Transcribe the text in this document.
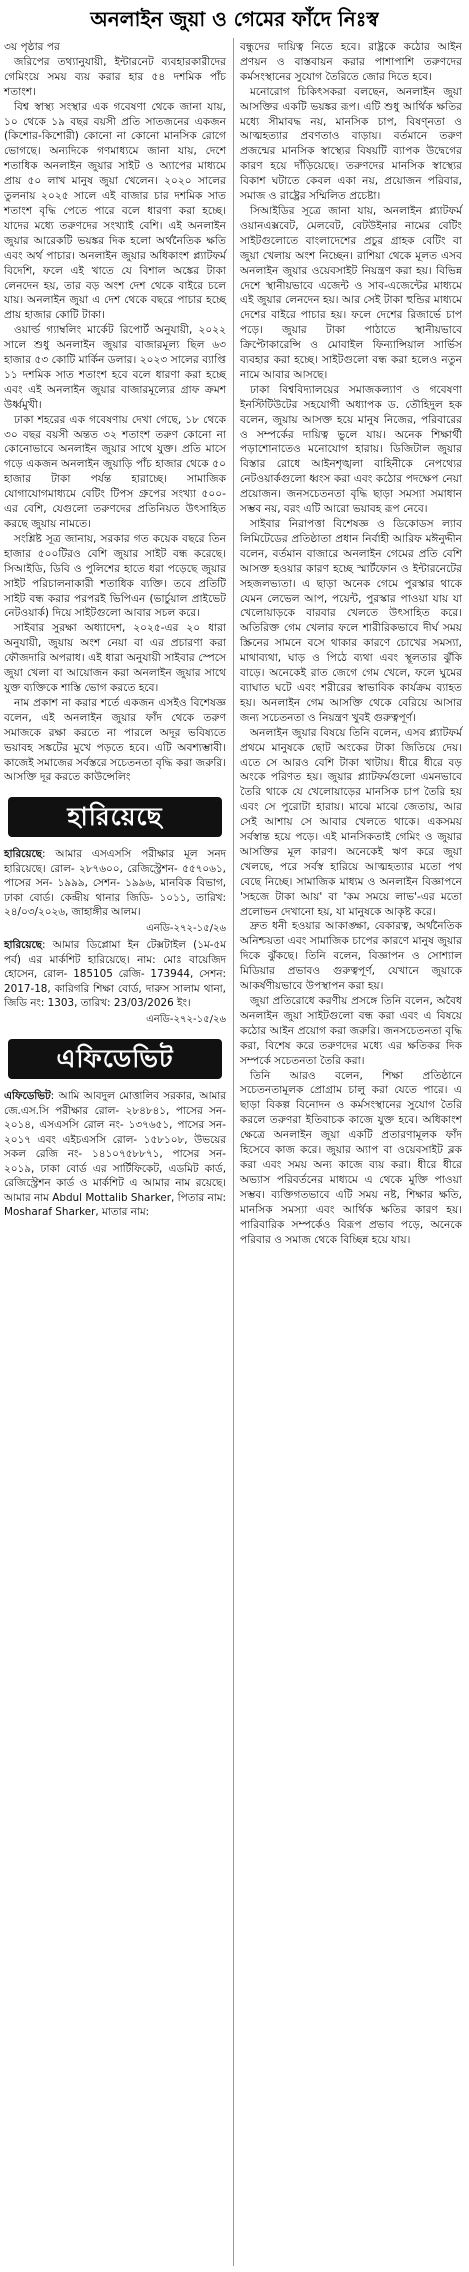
অনলাইন জুয়া ও গেমের ফাঁদে নিঃস্ব

৩য় পৃষ্ঠার পর

জরিপের তথ্যানুযায়ী, ইন্টারনেট ব্যবহারকারীদের গেমিংয়ে সময় ব্যয় করার হার ৫৪ দশমিক পাঁচ শতাংশ।

বিশ্ব স্বাস্থ্য সংস্থার এক গবেষণা থেকে জানা যায়, ১০ থেকে ১৯ বছর বয়সী প্রতি সাতজনের একজন (কিশোর-কিশোরী) কোনো না কোনো মানসিক রোগে ভোগছে। অন্যদিকে গণমাধ্যমে জানা যায়, দেশে শতাধিক অনলাইন জুয়ার সাইট ও অ্যাপের মাধ্যমে প্রায় ৫০ লাখ মানুষ জুয়া খেলেন। ২০২০ সালের তুলনায় ২০২৫ সালে এই বাজার চার দশমিক সাত শতাংশ বৃদ্ধি পেতে পারে বলে ধারণা করা হচ্ছে। যাদের মধ্যে তরুণদের সংখ্যাই বেশি। এই অনলাইন জুয়ার আরেকটি ভয়ঙ্কর দিক হলো অর্থনৈতিক ক্ষতি এবং অর্থ পাচার। অনলাইন জুয়ার অধিকাংশ প্ল্যাটফর্ম বিদেশি, ফলে এই খাতে যে বিশাল অঙ্কের টাকা লেনদেন হয়, তার বড় অংশ দেশ থেকে বাইরে চলে যায়। অনলাইন জুয়া এ দেশ থেকে বছরে পাচার হচ্ছে প্রায় হাজার কোটি টাকা।

ওয়ার্ল্ড গ্যাম্বলিং মার্কেট রিপোর্ট অনুযায়ী, ২০২২ সালে শুধু অনলাইন জুয়ার বাজারমূল্য ছিল ৬৩ হাজার ৫৩ কোটি মার্কিন ডলার। ২০২৩ সালের ব্যাপ্তি ১১ দশমিক সাত শতাংশ হবে বলে ধারণা করা হচ্ছে এবং এই অনলাইন জুয়ার বাজারমূল্যের গ্রাফ ক্রমশ উর্ধ্বমুখী।

ঢাকা শহরের এক গবেষণায় দেখা গেছে, ১৮ থেকে ৩০ বছর বয়সী অন্তত ৩২ শতাংশ তরুণ কোনো না কোনোভাবে অনলাইন জুয়ার সাথে যুক্ত। প্রতি মাসে গড়ে একজন অনলাইন জুয়াড়ি পাঁচ হাজার থেকে ৫০ হাজার টাকা পর্যন্ত হারাচ্ছে। সামাজিক যোগাযোগমাধ্যমে বেটিং টিপস গ্রুপের সংখ্যা ৫০০-এর বেশি, যেগুলো তরুণদের প্রতিনিয়ত উৎসাহিত করছে জুয়ায় নামতে।

সংশ্লিষ্ট সূত্র জানায়, সরকার গত কয়েক বছরে তিন হাজার ৫০০টিরও বেশি জুয়ার সাইট বন্ধ করেছে। সিআইডি, ডিবি ও পুলিশের হাতে ধরা পড়েছে জুয়ার সাইট পরিচালনাকারী শতাধিক ব্যক্তি। তবে প্রতিটি সাইট বন্ধ করার পরপরই ভিপিএন (ভার্চুয়াল প্রাইভেট নেটওয়ার্ক) দিয়ে সাইটগুলো আবার সচল করে।

সাইবার সুরক্ষা অধ্যাদেশ, ২০২৫-এর ২০ ধারা অনুযায়ী, জুয়ায় অংশ নেয়া বা এর প্রচারণা করা ফৌজদারি অপরাধ। এই ধারা অনুযায়ী সাইবার স্পেসে জুয়া খেলা বা আয়োজন করা অনলাইন জুয়ার সাথে যুক্ত ব্যক্তিকে শাস্তি ভোগ করতে হবে।

নাম প্রকাশ না করার শর্তে একজন এসইও বিশেষজ্ঞ বলেন, এই অনলাইন জুয়ার ফাঁদ থেকে তরুণ সমাজকে রক্ষা করতে না পারলে অদূর ভবিষ্যতে ভয়াবহ সঙ্কটের মুখে পড়তে হবে। এটি অবশ্যম্ভাবী। কাজেই সমাজের সর্বস্তরে সচেতনতা বৃদ্ধি করা জরুরি। আসক্তি দূর করতে কাউন্সেলিং

হারিয়েছে
হারিয়েছে: আমার এসএসসি পরীক্ষার মূল সনদ হারিয়েছে। রোল- ২৮৭৬০০, রেজিস্ট্রেশন- ৫৫৭০৬১, পাসের সন- ১৯৯৯, সেশন- ১৯৯৬, মানবিক বিভাগ, ঢাকা বোর্ড। কেন্দ্রীয় থানার জিডি- ১০১১, তারিখ: ২৪/০৩/২০২৬, জাহাঙ্গীর আলম।
এনডি-২৭২-১৫/২৬
হারিয়েছে: আমার ডিপ্লোমা ইন টেক্সটাইল (১ম-৫ম পর্ব) এর মার্কশিট হারিয়েছে। নাম: মোঃ বায়েজিদ হোসেন, রোল- 185105 রেজি- 173944, সেশন: 2017-18, কারিগরি শিক্ষা বোর্ড, দারুস সালাম থানা, জিডি নং: 1303, তারিখ: 23/03/2026 ইং।
এনডি-২৭২-১৫/২৬
এফিডেভিট
এফিডেভিট: আমি আবদুল মোত্তালিব সরকার, আমার জে.এস.সি পরীক্ষার রোল- ২৮৪৮৪১, পাসের সন- ২০১৪, এসএসসি রোল নং- ১৩৭৬৫১, পাসের সন- ২০১৭ এবং এইচএসসি রোল- ১৫৮১০৮, উভয়ের সকল রেজি নং- ১৪১০৭৫৮৮৭১, পাসের সন- ২০১৯, ঢাকা বোর্ড এর সার্টিফিকেট, এডমিট কার্ড, রেজিস্ট্রেশন কার্ড ও মার্কশিট এ আমার নাম রয়েছে। আমার নাম Abdul Mottalib Sharker, পিতার নাম: Mosharaf Sharker, মাতার নাম:

বন্ধুদের দায়িত্ব নিতে হবে। রাষ্ট্রকে কঠোর আইন প্রণয়ন ও বাস্তবায়ন করার পাশাপাশি তরুণদের কর্মসংস্থানের সুযোগ তৈরিতে জোর দিতে হবে।

মনোরোগ চিকিৎসকরা বলছেন, অনলাইন জুয়া আসক্তির একটি ভয়ঙ্কর রূপ। এটি শুধু আর্থিক ক্ষতির মধ্যে সীমাবদ্ধ নয়, মানসিক চাপ, বিষণ্নতা ও আত্মহত্যার প্রবণতাও বাড়ায়। বর্তমানে তরুণ প্রজন্মের মানসিক স্বাস্থ্যের বিষয়টি ব্যাপক উদ্বেগের কারণ হয়ে দাঁড়িয়েছে। তরুণদের মানসিক স্বাস্থ্যের বিকাশ ঘটাতে কেবল একা নয়, প্রয়োজন পরিবার, সমাজ ও রাষ্ট্রের সম্মিলিত প্রচেষ্টা।

সিআইডির সূত্রে জানা যায়, অনলাইন প্ল্যাটফর্ম ওয়ানএক্সবেট, মেলবেট, বেটউইনার নামের বেটিং সাইটগুলোতে বাংলাদেশের প্রচুর গ্রাহক বেটিং বা জুয়া খেলায় অংশ নিচ্ছেন। রাশিয়া থেকে মূলত এসব অনলাইন জুয়ার ওয়েবসাইট নিয়ন্ত্রণ করা হয়। বিভিন্ন দেশে স্থানীয়ভাবে এজেন্ট ও সাব-এজেন্টের মাধ্যমে এই জুয়ার লেনদেন হয়। আর সেই টাকা হুন্ডির মাধ্যমে দেশের বাইরে পাচার হয়। ফলে দেশের রিজার্ভে চাপ পড়ে। জুয়ার টাকা পাঠাতে স্থানীয়ভাবে ক্রিপ্টোকারেন্সি ও মোবাইল ফিন্যান্সিয়াল সার্ভিস ব্যবহার করা হচ্ছে। সাইটগুলো বন্ধ করা হলেও নতুন নামে আবার আসছে।

ঢাকা বিশ্ববিদ্যালয়ের সমাজকল্যাণ ও গবেষণা ইনস্টিটিউটের সহযোগী অধ্যাপক ড. তৌহিদুল হক বলেন, জুয়ায় আসক্ত হয়ে মানুষ নিজের, পরিবারের ও সম্পর্কের দায়িত্ব ভুলে যায়। অনেক শিক্ষার্থী পড়াশোনাতেও মনোযোগ হারায়। ডিজিটাল জুয়ার বিস্তার রোধে আইনশৃঙ্খলা বাহিনীকে নেপথ্যের নেটওয়ার্কগুলো ধ্বংস করা এবং কঠোর পদক্ষেপ নেয়া প্রয়োজন। জনসচেতনতা বৃদ্ধি ছাড়া সমস্যা সমাধান সম্ভব নয়, বরং এটি আরো ভয়াবহ রূপ নেবে।

সাইবার নিরাপত্তা বিশেষজ্ঞ ও ডিকোডস ল্যাব লিমিটেডের প্রতিষ্ঠাতা প্রধান নির্বাহী আরিফ মঈনুদ্দীন বলেন, বর্তমান বাজারে অনলাইন গেমের প্রতি বেশি আসক্ত হওয়ার কারণ হচ্ছে স্মার্টফোন ও ইন্টারনেটের সহজলভ্যতা। এ ছাড়া অনেক গেমে পুরস্কার থাকে যেমন লেভেল আপ, পয়েন্ট, পুরস্কার পাওয়া যায় যা খেলোয়াড়কে বারবার খেলতে উৎসাহিত করে। অতিরিক্ত গেম খেলার ফলে শারীরিকভাবে দীর্ঘ সময় স্ক্রিনের সামনে বসে থাকার কারণে চোখের সমস্যা, মাথাব্যথা, ঘাড় ও পিঠে ব্যথা এবং স্থূলতার ঝুঁকি বাড়ে। অনেকেই রাত জেগে গেম খেলে, ফলে ঘুমের ব্যাঘাত ঘটে এবং শরীরের স্বাভাবিক কার্যক্রম ব্যাহত হয়। অনলাইন গেম আসক্তি থেকে বেরিয়ে আসার জন্য সচেতনতা ও নিয়ন্ত্রণ খুবই গুরুত্বপূর্ণ।

অনলাইন জুয়ার বিষয়ে তিনি বলেন, এসব প্ল্যাটফর্ম প্রথমে মানুষকে ছোট অংকের টাকা জিতিয়ে দেয়। এতে সে আরও বেশি টাকা খাটায়। ধীরে ধীরে বড় অংকে পরিণত হয়। জুয়ার প্ল্যাটফর্মগুলো এমনভাবে তৈরি থাকে যে খেলোয়াড়ের মানসিক চাপ তৈরি হয় এবং সে পুরোটা হারায়। মাঝে মাঝে জেতায়, আর সেই আশায় সে আবার খেলতে থাকে। একসময় সর্বস্বান্ত হয়ে পড়ে। এই মানসিকতাই গেমিং ও জুয়ার আসক্তির মূল কারণ। অনেকেই ঋণ করে জুয়া খেলছে, পরে সর্বস্ব হারিয়ে আত্মহত্যার মতো পথ বেছে নিচ্ছে। সামাজিক মাধ্যম ও অনলাইন বিজ্ঞাপনে 'সহজে টাকা আয়' বা 'কম সময়ে লাভ'-এর মতো প্রলোভন দেখানো হয়, যা মানুষকে আকৃষ্ট করে।

দ্রুত ধনী হওয়ার আকাঙ্ক্ষা, বেকারত্ব, অর্থনৈতিক অনিশ্চয়তা এবং সামাজিক চাপের কারণে মানুষ জুয়ার দিকে ঝুঁকছে। তিনি বলেন, বিজ্ঞাপন ও সোশ্যাল মিডিয়ার প্রভাবও গুরুত্বপূর্ণ, যেখানে জুয়াকে আকর্ষণীয়ভাবে উপস্থাপন করা হয়।

জুয়া প্রতিরোধে করণীয় প্রসঙ্গে তিনি বলেন, অবৈধ অনলাইন জুয়া সাইটগুলো বন্ধ করা এবং এ বিষয়ে কঠোর আইন প্রয়োগ করা জরুরি। জনসচেতনতা বৃদ্ধি করা, বিশেষ করে তরুণদের মধ্যে এর ক্ষতিকর দিক সম্পর্কে সচেতনতা তৈরি করা।

তিনি আরও বলেন, শিক্ষা প্রতিষ্ঠানে সচেতনতামূলক প্রোগ্রাম চালু করা যেতে পারে। এ ছাড়া বিকল্প বিনোদন ও কর্মসংস্থানের সুযোগ তৈরি করলে তরুণরা ইতিবাচক কাজে যুক্ত হবে। অধিকাংশ ক্ষেত্রে অনলাইন জুয়া একটি প্রতারণামূলক ফাঁদ হিসেবে কাজ করে। জুয়ার অ্যাপ বা ওয়েবসাইট ব্লক করা এবং সময় অন্য কাজে ব্যয় করা। ধীরে ধীরে অভ্যাস পরিবর্তনের মাধ্যমে এ থেকে মুক্তি পাওয়া সম্ভব। ব্যক্তিগতভাবে এটি সময় নষ্ট, শিক্ষার ক্ষতি, মানসিক সমস্যা এবং আর্থিক ক্ষতির কারণ হয়। পারিবারিক সম্পর্কেও বিরূপ প্রভাব পড়ে, অনেকে পরিবার ও সমাজ থেকে বিচ্ছিন্ন হয়ে যায়।
